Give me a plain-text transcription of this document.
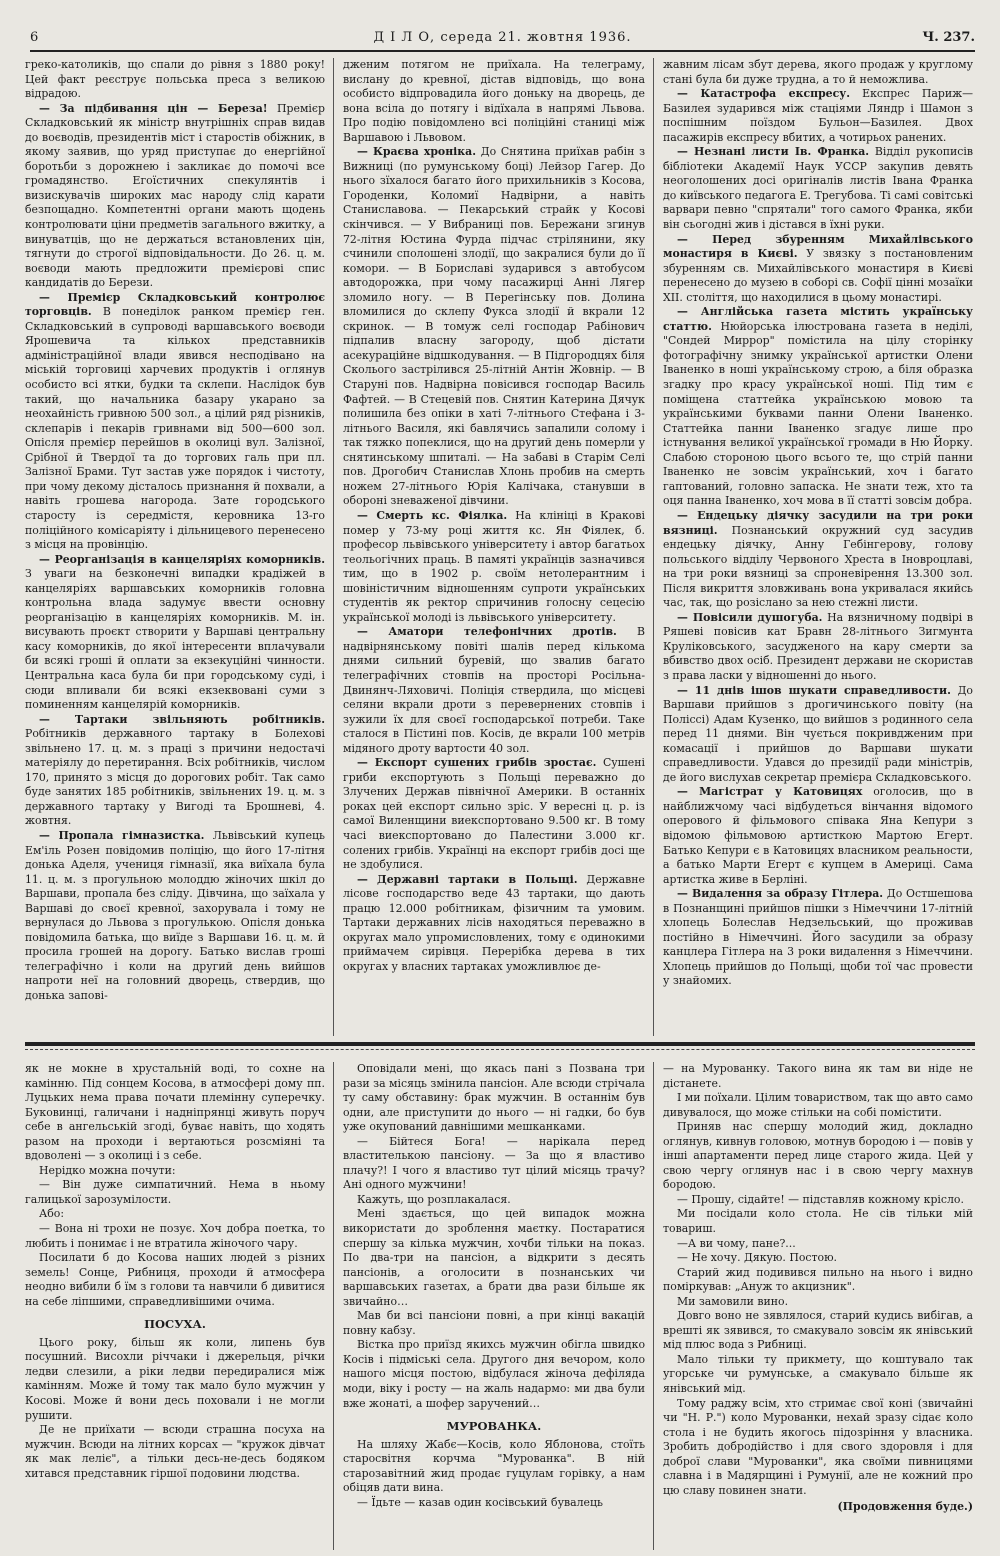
6	Д І Л О, середа 21. жовтня 1936.	Ч. 237.

греко-католиків, що спали до рівня з 1880 року! Цей факт реєструє польська преса з великою відрадою.

— За підбивання цін — Береза! Премієр Складковський як міністр внутрішніх справ видав до воєводів, президентів міст і старостів обіжник, в якому заявив, що уряд приступає до енергійної боротьби з дорожнею і закликає до помочі все громадянство. Егоїстичних спекулянтів і визискувачів широких мас народу слід карати безпощадно. Компетентні органи мають щодень контролювати ціни предметів загального вжитку, а винуватців, що не держаться встановлених цін, тягнути до строгої відповідальности. До 26. ц. м. воєводи мають предложити премієрові спис кандидатів до Берези.

— Премієр Складковський контролює торговців. В понеділок ранком премієр ген. Складковський в супроводі варшавського воєводи Ярошевича та кількох представників адміністраційної влади явився несподівано на міській торговиці харчевих продуктів і оглянув особисто всі ятки, будки та склепи. Наслідок був такий, що начальника базару укарано за неохайність гривною 500 зол., а цілий ряд різників, склепарів і пекарів гривнами від 500—600 зол. Опісля премієр перейшов в околиці вул. Залізної, Срібної й Твердої та до торгових галь при пл. Залізної Брами. Тут застав уже порядок і чистоту, при чому декому дісталось признання й похвали, а навіть грошева нагорода. Зате городського старосту із середмістя, керовника 13-го поліційного комісаріяту і дільницевого перенесено з місця на провінцію.

— Реорганізація в канцеляріях коморників. З уваги на безконечні випадки крадіжей в канцеляріях варшавських коморників головна контрольна влада задумує ввести основну реорганізацію в канцеляріях коморників. М. ін. висувають проєкт створити у Варшаві центральну касу коморників, до якої інтересенти вплачували би всякі гроші й оплати за екзекуційні чинности. Центральна каса була би при городському суді, і сюди впливали би всякі екзеквовані суми з поминенням канцелярій коморників.

— Тартаки звільняють робітників. Робітників державного тартаку в Болехові звільнено 17. ц. м. з праці з причини недостачі матеріялу до перетирання. Всіх робітників, числом 170, принято з місця до дорогових робіт. Так само буде занятих 185 робітників, звільнених 19. ц. м. з державного тартаку у Вигоді та Брошневі, 4. жовтня.

— Пропала гімназистка. Львівський купець Ем'іль Розен повідомив поліцію, що його 17-літня донька Аделя, учениця гімназії, яка виїхала була 11. ц. м. з прогульною молоддю жіночих шкіл до Варшави, пропала без сліду. Дівчина, що заїхала у Варшаві до своєї кревної, захорувала і тому не вернулася до Львова з прогулькою. Опісля донька повідомила батька, що виїде з Варшави 16. ц. м. й просила грошей на дорогу. Батько вислав гроші телеграфічно і коли на другий день вийшов напроти неї на головний дворець, ствердив, що донька запові-

дженим потягом не приїхала. На телеграму, вислану до кревної, дістав відповідь, що вона особисто відпровадила його доньку на дворець, де вона всіла до потягу і відїхала в напрямі Львова. Про подію повідомлено всі поліційні станиці між Варшавою і Львовом.

— Краєва хроніка. До Снятина приїхав рабін з Вижниці (по румунському боці) Лейзор Гагер. До нього зїхалося багато його прихильників з Косова, Городенки, Коломиї Надвірни, а навіть Станиславова. — Пекарський страйк у Косові скінчився. — У Вибраниці пов. Бережани згинув 72-літня Юстина Фурда підчас стрілянини, яку счинили сполошені злодії, що закралися були до її комори. — В Бориславі зударився з автобусом автодорожка, при чому пасажирці Анні Лягер зломило ногу. — В Перегінську пов. Долина вломилися до склепу Фукса злодії й вкрали 12 скринок. — В томуж селі господар Рабінович підпалив власну загороду, щоб дістати асекураційне відшкодування. — В Підгородцях біля Сколього застрілився 25-літній Антін Жовнір. — В Старуні пов. Надвірна повісився господар Василь Фафтей. — В Стецевій пов. Снятин Катерина Дячук полишила без опіки в хаті 7-літнього Стефана і 3-літнього Василя, які бавлячись запалили солому і так тяжко попеклися, що на другий день померли у снятинському шпиталі. — На забаві в Старім Селі пов. Дрогобич Станислав Хлонь пробив на смерть ножем 27-літнього Юрія Калічака, станувши в обороні зневаженої дівчини.

— Смерть кс. Фіялка. На клініці в Кракові помер у 73-му році життя кс. Ян Фіялек, б. професор львівського університету і автор багатьох теольогічних праць. В памяті українців зазначився тим, що в 1902 р. своїм нетолерантним і шовіністичним відношенням супроти українських студентів як ректор спричинив голосну сецесію української молоді із львівського університету.

— Аматори телефонічних дротів. В надвірнянському повіті шалів перед кількома днями сильний буревій, що звалив багато телеграфічних стовпів на просторі Росільна-Двинянч-Ляховичі. Поліція ствердила, що місцеві селяни вкрали дроти з перевернених стовпів і зужили їх для своєї господарської потреби. Таке сталося в Пістині пов. Косів, де вкрали 100 метрів мідяного дроту вартости 40 зол.

— Експорт сушених грибів зростає. Сушені гриби експортують з Польщі переважно до Злучених Держав північної Америки. В останніх роках цей експорт сильно зріс. У вересні ц. р. із самої Виленщини виекспортовано 9.500 кг. В тому часі виекспортовано до Палестини 3.000 кг. солених грибів. Українці на експорт грибів досі ще не здобулися.

— Державні тартаки в Польщі. Державне лісове господарство веде 43 тартаки, що дають працю 12.000 робітникам, фізичним та умовим. Тартаки державних лісів находяться переважно в округах мало упромисловлених, тому є одинокими приймачем сирівця. Перерібка дерева в тих округах у власних тартаках уможливлює де-

жавним лісам збут дерева, якого продаж у круглому стані була би дуже трудна, а то й неможлива.

— Катастрофа експресу. Експрес Париж—Базилея зударився між стаціями Ляндр і Шамон з поспішним поїздом Бульон—Базилея. Двох пасажирів експресу вбитих, а чотирьох ранених.

— Незнані листи Ів. Франка. Відділ рукописів бібліотеки Академії Наук УССР закупив девять неоголошених досі оригіналів листів Івана Франка до київського педагога Е. Трегубова. Ті самі совітські варвари певно "спрятали" того самого Франка, якби він сьогодні жив і дістався в їхні руки.

— Перед збуренням Михайлівського монастиря в Києві. У звязку з постановленим збуренням св. Михайлівського монастиря в Києві перенесено до музею в соборі св. Софії цінні мозаїки XII. століття, що находилися в цьому монастирі.

— Англійська газета містить українську статтю. Нюйорська ілюстрована газета в неділі, "Сондей Миррор" помістила на цілу сторінку фотографічну знимку української артистки Олени Іваненко в ноші українському строю, а біля образка згадку про красу української ноші. Під тим є поміщена статтейка українською мовою та українськими буквами панни Олени Іваненко. Статтейка панни Іваненко згадує лише про істнування великої української громади в Ню Йорку. Слабою стороною цього всього те, що стрій панни Іваненко не зовсім український, хоч і багато гаптований, головно запаска. Не знати теж, хто та оця панна Іваненко, хоч мова в її статті зовсім добра.

— Ендецьку діячку засудили на три роки вязниці. Познанський окружний суд засудив ендецьку діячку, Анну Гебінгерову, голову польського відділу Червоного Хреста в Іновроцлаві, на три роки вязниці за спроневірення 13.300 зол. Після викриття зловживань вона укривалася якийсь час, так, що розісланo за нею стежні листи.

— Повісили душогуба. На вязничному подвірі в Ряшеві повісив кат Бравн 28-літнього Зигмунта Круліковського, засудженого на кару смерти за вбивство двох осіб. Президент держави не скористав з права ласки у відношенні до нього.

— 11 днів ішов шукати справедливости. До Варшави прийшов з дрогичинського повіту (на Поліссі) Адам Кузенко, що вийшов з родинного села перед 11 днями. Він чується покривдженим при комасації і прийшов до Варшави шукати справедливости. Удався до президії ради міністрів, де його вислухав секретар премієра Складковського.

— Магістрат у Катовицях оголосив, що в найближчому часі відбудеться вінчання відомого оперового й фільмового співака Яна Кепури з відомою фільмовою артисткою Мартою Егерт. Батько Кепури є в Катовицях власником реальности, а батько Марти Егерт є купцем в Америці. Сама артистка живе в Берліні.

— Видалення за образу Гітлера. До Остшешова в Познанщині прийшов пішки з Німеччини 17-літній хлопець Болеслав Недзельський, що проживав постійно в Німеччині. Його засудили за образу канцлера Гітлера на 3 роки видалення з Німеччини. Хлопець прийшов до Польщі, щоби тої час провести у знайомих.

як не мокне в хрустальній воді, то сохне на камінню. Під сонцем Косова, в атмосфері дому пп. Луцьких нема права почати племінну суперечку. Буковинці, галичани і надніпрянці живуть поруч себе в ангельській згоді, буває навіть, що ходять разом на проходи і вертаються розсміяні та вдоволені — з околиці і з себе.

Нерідко можна почути:

— Він дуже симпатичний. Нема в ньому галицької зарозумілости.

Або:

— Вона ні трохи не позує. Хоч добра поетка, то любить і понимає і не втратила жіночого чару.

Посилати б до Косова наших людей з різних земель! Сонце, Рибниця, проходи й атмосфера неодно вибили б їм з голови та навчили б дивитися на себе ліпшими, справедливішими очима.

ПОСУХА.

Цього року, більш як коли, липень був посушний. Висохли річчаки і джерельця, річки ледви слезили, а ріки ледви передиралися між камінням. Може й тому так мало було мужчин у Косові. Може й вони десь поховали і не могли рушити.

Де не приїхати — всюди страшна посуха на мужчин. Всюди на літних корсах — "кружок дівчат як мак леліє", а тільки десь-не-десь бодяком хитався представник гіршої подовини людства.

Оповідали мені, що якась пані з Позвана три рази за місяць змінила пансіон. Але всюди стрічала ту саму обставину: брак мужчин. В останнім був одни, але приступити до нього — ні гадки, бо був уже окупований давнішими мешканками.

— Бійтеся Бога! — нарікала перед властителькою пансіону. — За що я властиво плачу?! І чого я властиво тут цілий місяць трачу? Ані одного мужчини!

Кажуть, що розплакалася.

Мені здається, що цей випадок можна використати до зроблення маєтку. Постаратися спершу за кілька мужчин, хочби тільки на показ. По два-три на пансіон, а відкрити з десять пансіонів, а оголосити в познанських чи варшавських газетах, а брати два рази більше як звичайно…

Мав би всі пансіони повні, а при кінці вакацій повну кабзу.

Вістка про приїзд якихсь мужчин обігла швидко Косів і підміські села. Другого дня вечором, коло нашого місця постою, відбулася жіноча дефіляда моди, віку і росту — на жаль надармо: ми два були вже жонаті, а шофер заручений…

МУРОВАНКА.

На шляху Жабє—Косів, коло Яблонова, стоїть старосвітня корчма "Мурованка". В ній старозавітний жид продає гуцулам горівку, а нам обіцяв дати вина.

— Їдьте — казав один косівський бувалець

— на Мурованку. Такого вина як там ви ніде не дістанете.

І ми поїхали. Цілим товариством, так що авто само дивувалося, що може стільки на собі помістити.

Приняв нас спершу молодий жид, докладно оглянув, кивнув головою, мотнув бородою і — повів у інші апартаменти перед лице старого жида. Цей у свою чергу оглянув нас і в свою чергу махнув бородою.

— Прошу, сідайте! — підставляв кожному крісло.

Ми посідали коло стола. Не сів тільки мій товариш.

—А ви чому, пане?...

— Не хочу. Дякую. Постою.

Старий жид подивився пильно на нього і видно поміркував: „Ануж то акцизник".

Ми замовили вино.

Довго воно не зявлялося, старий кудись вибігав, а врешті як зявився, то смакувало зовсім як янівський мід плюс вода з Рибниці.

Мало тільки ту прикмету, що коштувало так угорське чи румунське, а смакувало більше як янівський мід.

Тому раджу всім, хто стримає свої коні (звичайні чи "Н. Р.") коло Мурованки, нехай зразу сідає коло стола і не будить якогось підозріння у власника. Зробить добродійство і для свого здоровля і для доброї слави "Мурованки", яка своїми пивницями славна і в Мадярщині і Румунії, але не кожний про цю славу повинен знати.

(Продовження буде.)
